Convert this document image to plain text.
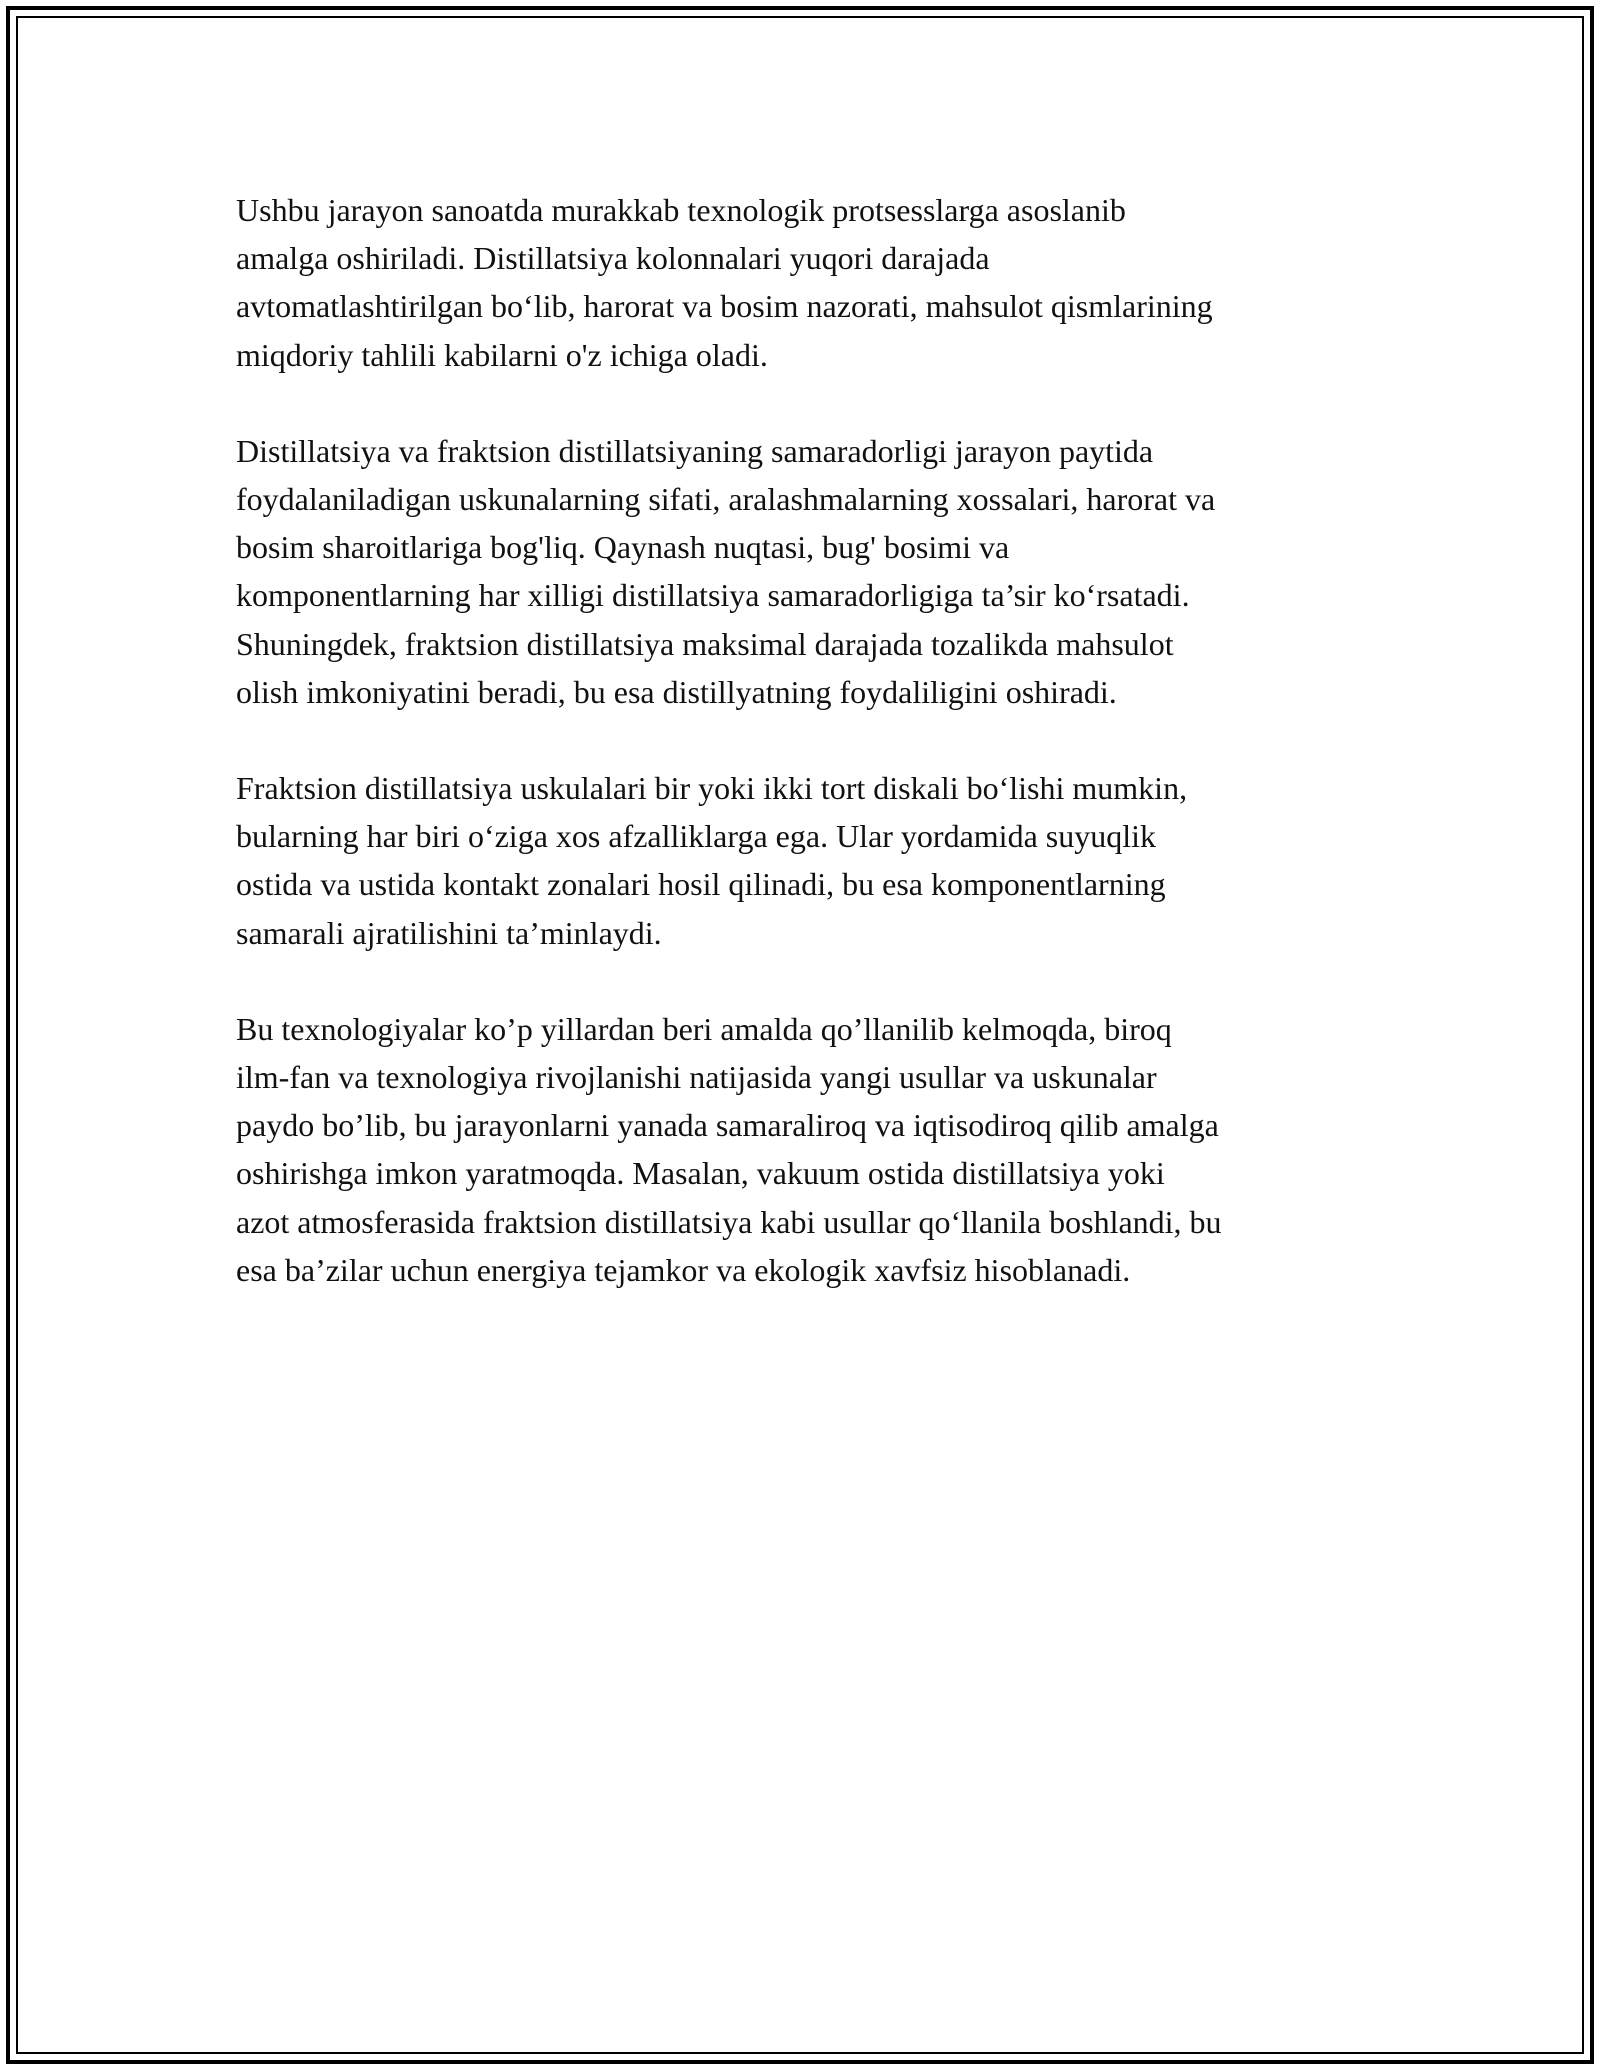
Ushbu jarayon sanoatda murakkab texnologik protsesslarga asoslanib
amalga oshiriladi. Distillatsiya kolonnalari yuqori darajada
avtomatlashtirilgan bo‘lib, harorat va bosim nazorati, mahsulot qismlarining
miqdoriy tahlili kabilarni o'z ichiga oladi.

Distillatsiya va fraktsion distillatsiyaning samaradorligi jarayon paytida
foydalaniladigan uskunalarning sifati, aralashmalarning xossalari, harorat va
bosim sharoitlariga bog'liq. Qaynash nuqtasi, bug' bosimi va
komponentlarning har xilligi distillatsiya samaradorligiga ta’sir ko‘rsatadi.
Shuningdek, fraktsion distillatsiya maksimal darajada tozalikda mahsulot
olish imkoniyatini beradi, bu esa distillyatning foydaliligini oshiradi.

Fraktsion distillatsiya uskulalari bir yoki ikki tort diskali bo‘lishi mumkin,
bularning har biri o‘ziga xos afzalliklarga ega. Ular yordamida suyuqlik
ostida va ustida kontakt zonalari hosil qilinadi, bu esa komponentlarning
samarali ajratilishini ta’minlaydi.

Bu texnologiyalar ko’p yillardan beri amalda qo’llanilib kelmoqda, biroq
ilm-fan va texnologiya rivojlanishi natijasida yangi usullar va uskunalar
paydo bo’lib, bu jarayonlarni yanada samaraliroq va iqtisodiroq qilib amalga
oshirishga imkon yaratmoqda. Masalan, vakuum ostida distillatsiya yoki
azot atmosferasida fraktsion distillatsiya kabi usullar qo‘llanila boshlandi, bu
esa ba’zilar uchun energiya tejamkor va ekologik xavfsiz hisoblanadi.
